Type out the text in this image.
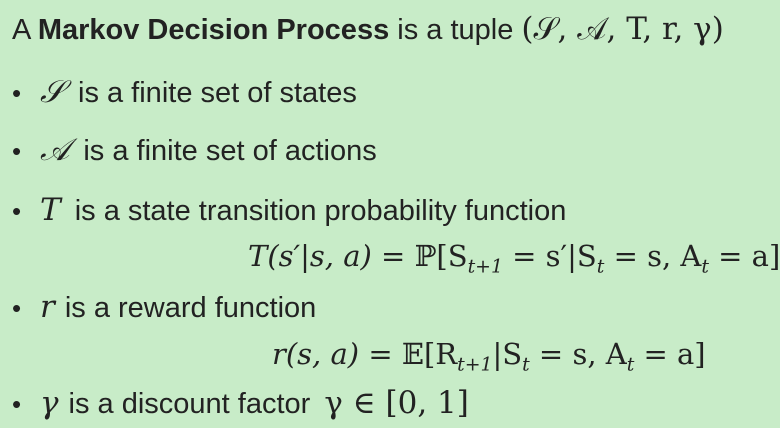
A Markov Decision Process is a tuple (𝒮, 𝒜, T, r, γ)
• 𝒮 is a finite set of states
• 𝒜 is a finite set of actions
• T is a state transition probability function
T(s′|s, $a) = ℙ[S_{t+1} = s'|S_t = s$, $A_t = a$]
• r is a reward function
r(s, $a) = 𝔼[R_{t+1}|S_t = s$, $A_t = a$]
• γ is a discount factor γ ∈ [0, 1]
